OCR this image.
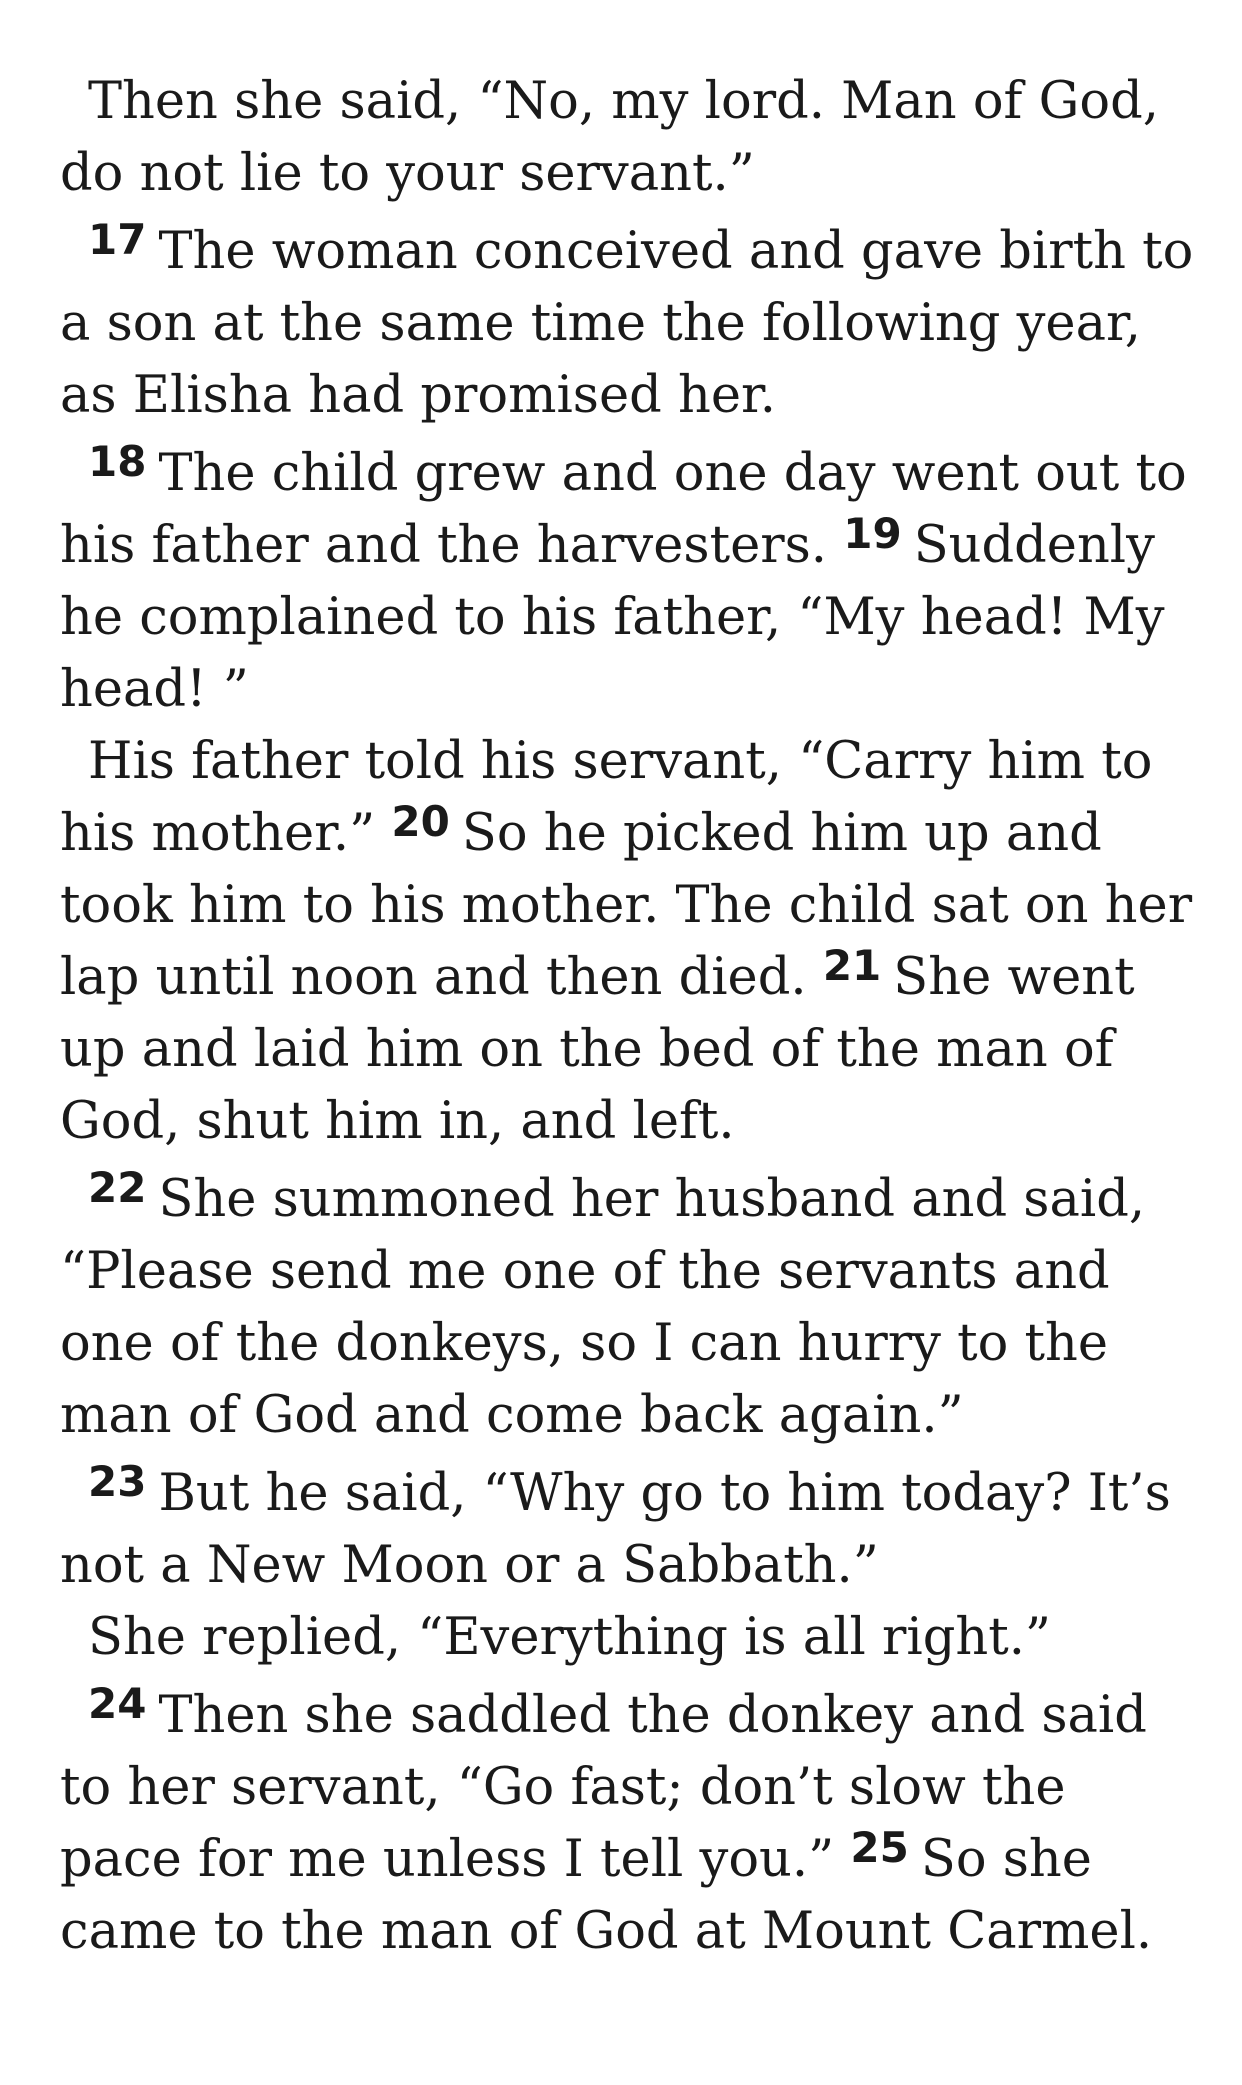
Then she said, “No, my lord. Man of God, do not lie to your servant.”

$^{17}$ The woman conceived and gave birth to a son at the same time the following year, as Elisha had promised her.

$^{18}$ The child grew and one day went out to his father and the harvesters. $^{19}$ Suddenly he complained to his father, “My head! My head! ”

His father told his servant, “Carry him to his mother.” $^{20}$ So he picked him up and took him to his mother. The child sat on her lap until noon and then died. $^{21}$ She went up and laid him on the bed of the man of God, shut him in, and left.

$^{22}$ She summoned her husband and said, “Please send me one of the servants and one of the donkeys, so I can hurry to the man of God and come back again.”

$^{23}$ But he said, “Why go to him today? It’s not a New Moon or a Sabbath.”

She replied, “Everything is all right.”

$^{24}$ Then she saddled the donkey and said to her servant, “Go fast; don’t slow the pace for me unless I tell you.” $^{25}$ So she came to the man of God at Mount Carmel.
